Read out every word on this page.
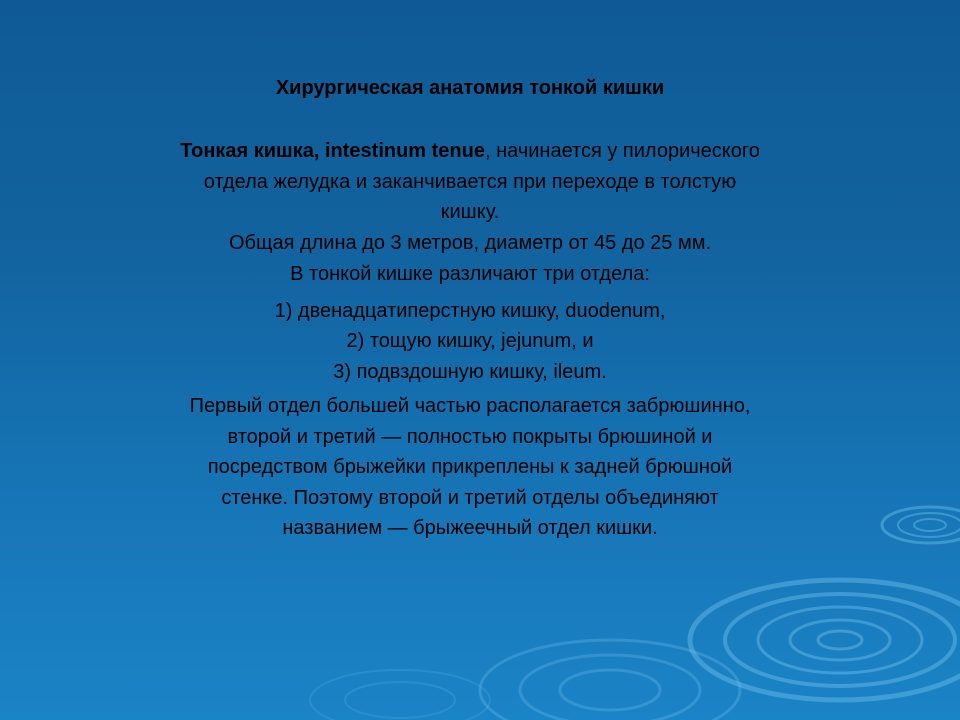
Хирургическая анатомия тонкой кишки
Тонкая кишка, intestinum tenue, начинается у пилорического
отдела желудка и заканчивается при переходе в толстую
кишку.
Общая длина до 3 метров, диаметр от 45 до 25 мм.
В тонкой кишке различают три отдела:
1) двенадцатиперстную кишку, duodenum,
2) тощую кишку, jejunum, и
3) подвздошную кишку, ileum.
Первый отдел большей частью располагается забрюшинно,
второй и третий — полностью покрыты брюшиной и
посредством брыжейки прикреплены к задней брюшной
стенке. Поэтому второй и третий отделы объединяют
названием — брыжеечный отдел кишки.
